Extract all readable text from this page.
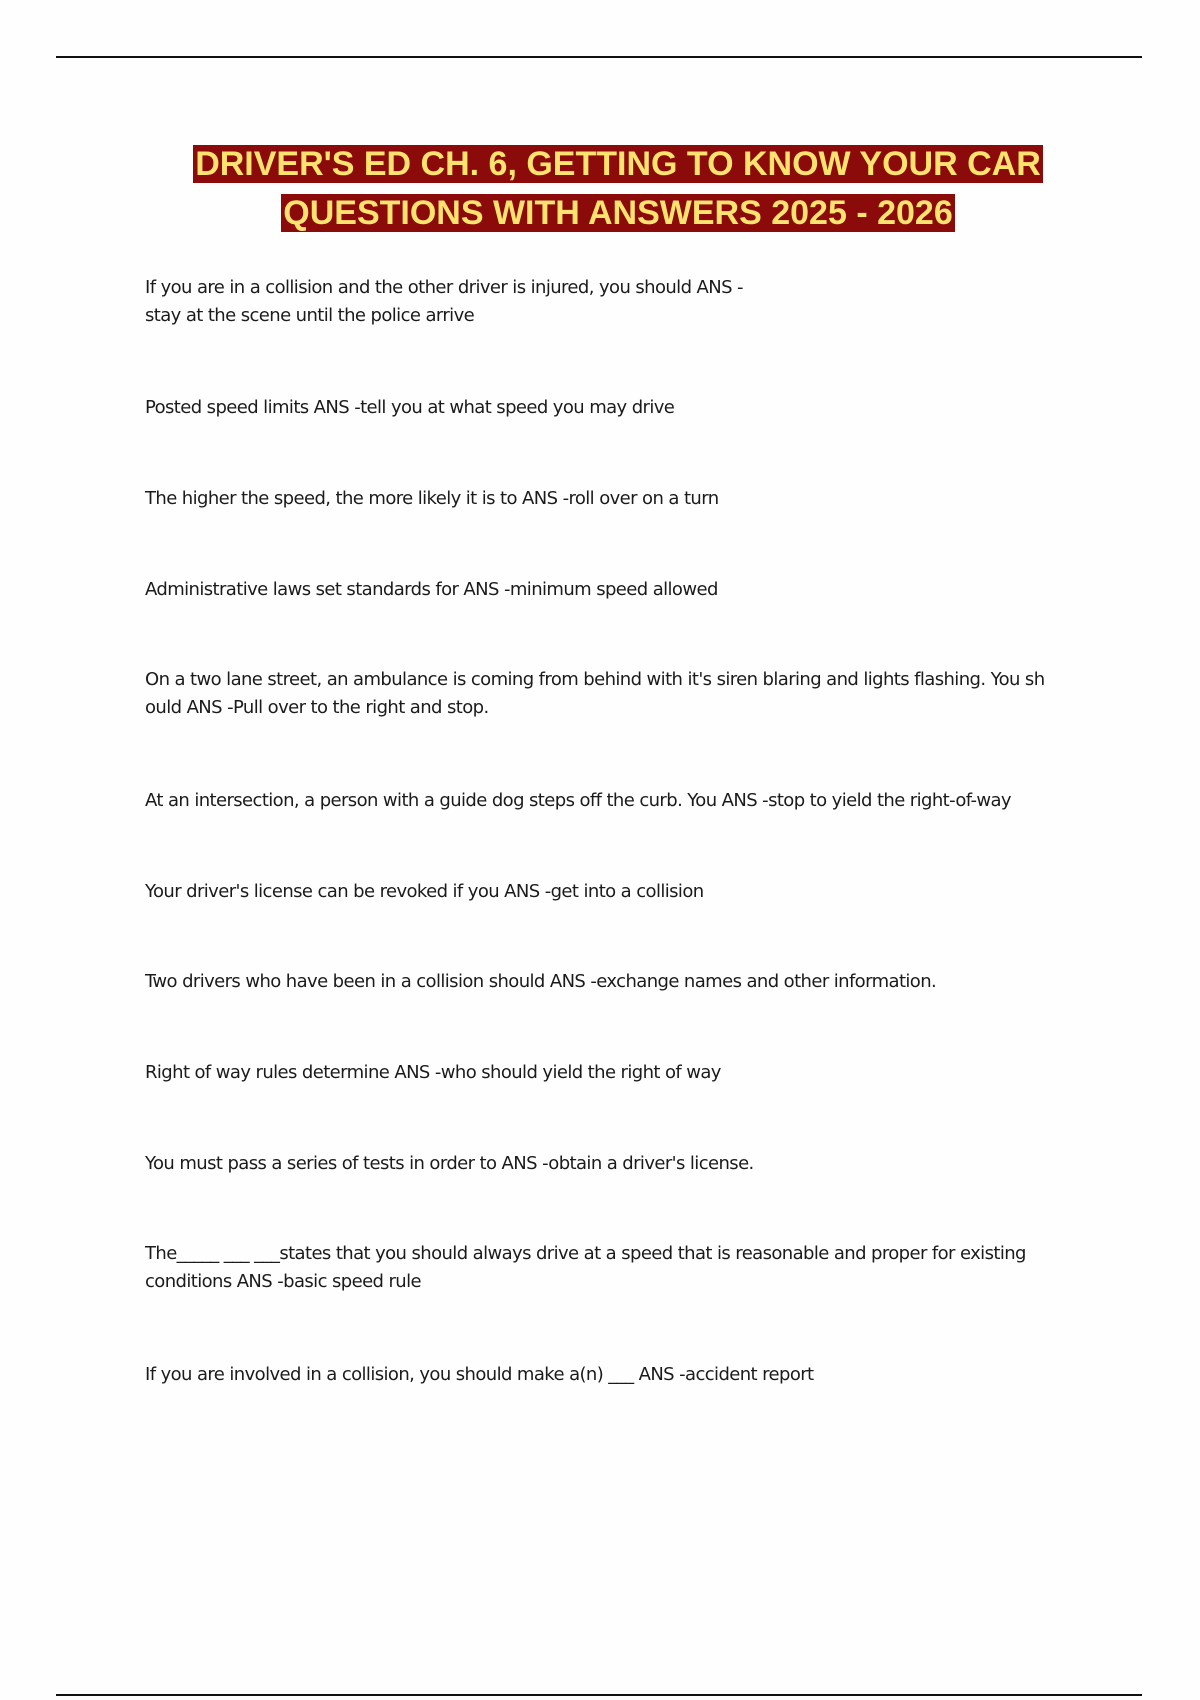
DRIVER'S ED CH. 6, GETTING TO KNOW YOUR CAR
QUESTIONS WITH ANSWERS 2025 - 2026
If you are in a collision and the other driver is injured, you should ANS -
stay at the scene until the police arrive
Posted speed limits ANS -tell you at what speed you may drive
The higher the speed, the more likely it is to ANS -roll over on a turn
Administrative laws set standards for ANS -minimum speed allowed
On a two lane street, an ambulance is coming from behind with it's siren blaring and lights flashing. You sh
ould ANS -Pull over to the right and stop.
At an intersection, a person with a guide dog steps off the curb. You ANS -stop to yield the right-of-way
Your driver's license can be revoked if you ANS -get into a collision
Two drivers who have been in a collision should ANS -exchange names and other information.
Right of way rules determine ANS -who should yield the right of way
You must pass a series of tests in order to ANS -obtain a driver's license.
The_____ ___ ___states that you should always drive at a speed that is reasonable and proper for existing
conditions ANS -basic speed rule
If you are involved in a collision, you should make a(n) ___ ANS -accident report
